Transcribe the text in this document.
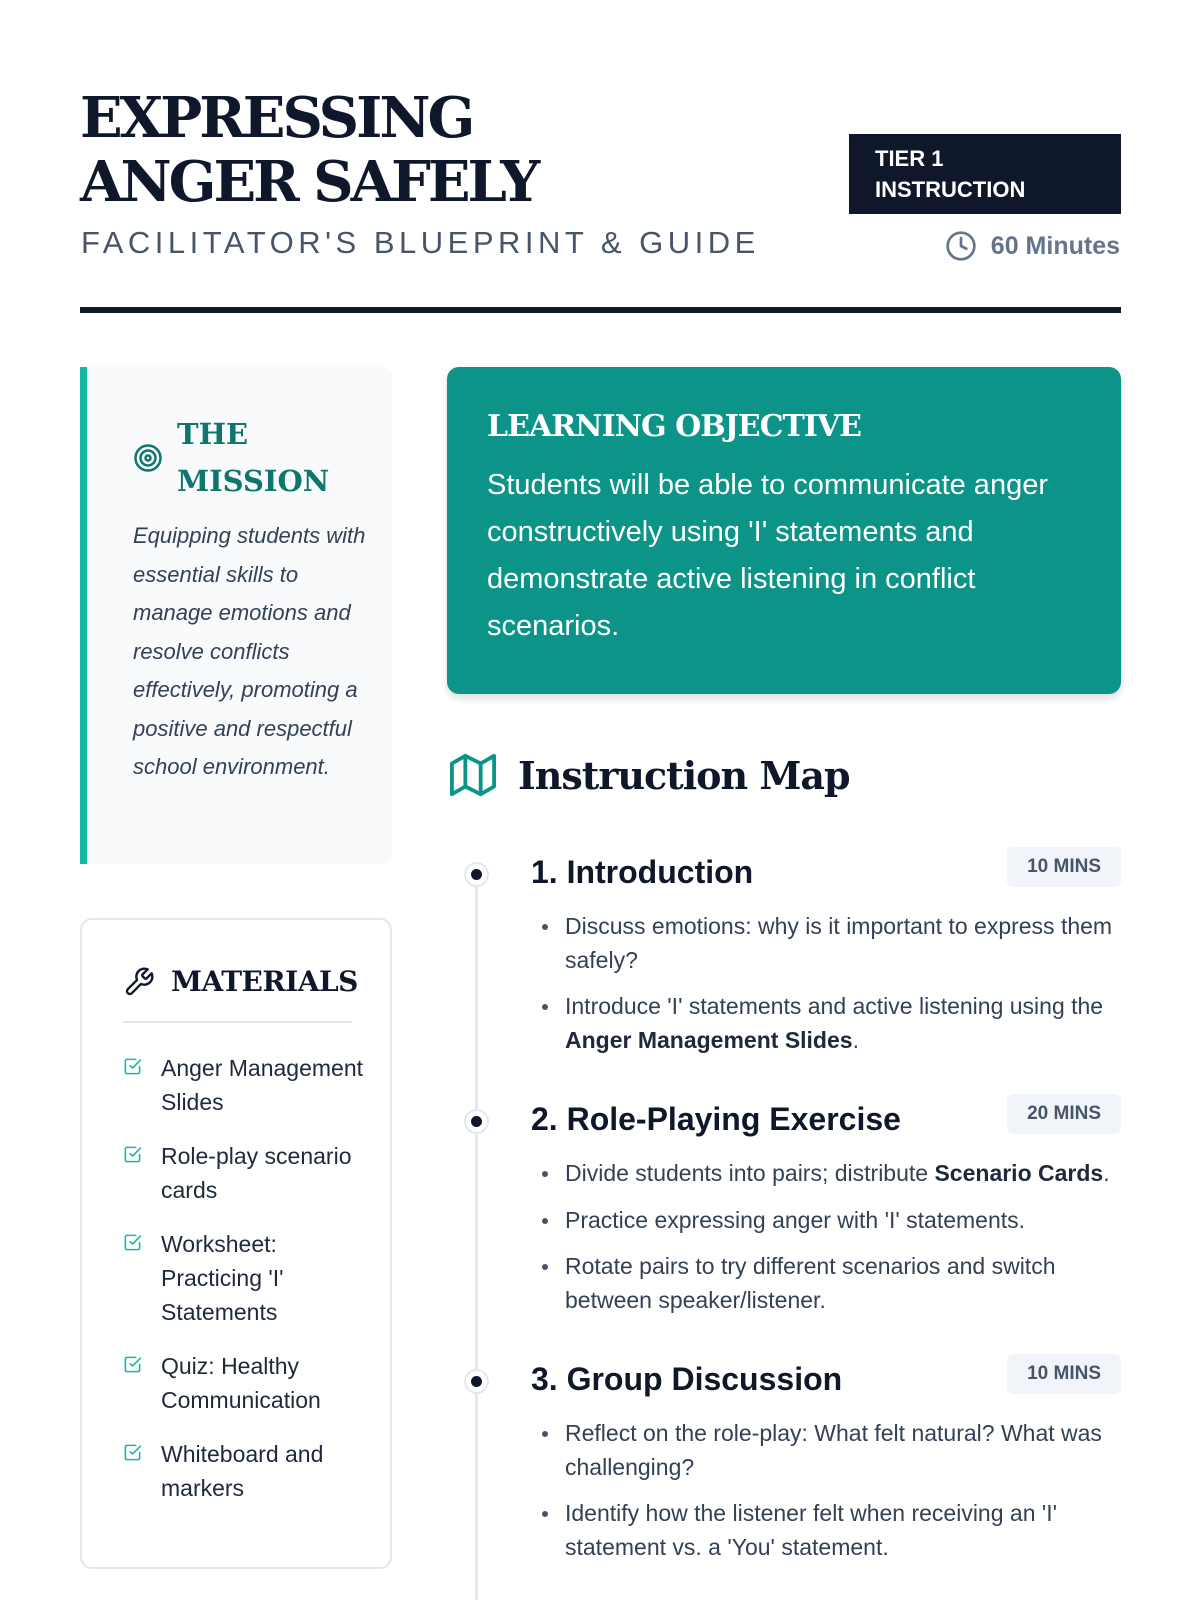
EXPRESSING ANGER SAFELY
FACILITATOR'S BLUEPRINT & GUIDE
TIER 1 INSTRUCTION
60 Minutes
THE MISSION

Equipping students with essential skills to manage emotions and resolve conflicts effectively, promoting a positive and respectful school environment.

MATERIALS
Anger Management Slides
Role-play scenario cards
Worksheet: Practicing 'I' Statements
Quiz: Healthy Communication
Whiteboard and markers
LEARNING OBJECTIVE

Students will be able to communicate anger constructively using 'I' statements and demonstrate active listening in conflict scenarios.

Instruction Map
1. Introduction	10 MINS
Discuss emotions: why is it important to express them safely?
Introduce 'I' statements and active listening using the Anger Management Slides.
2. Role-Playing Exercise	20 MINS
Divide students into pairs; distribute Scenario Cards.
Practice expressing anger with 'I' statements.
Rotate pairs to try different scenarios and switch between speaker/listener.
3. Group Discussion	10 MINS
Reflect on the role-play: What felt natural? What was challenging?
Identify how the listener felt when receiving an 'I' statement vs. a 'You' statement.
